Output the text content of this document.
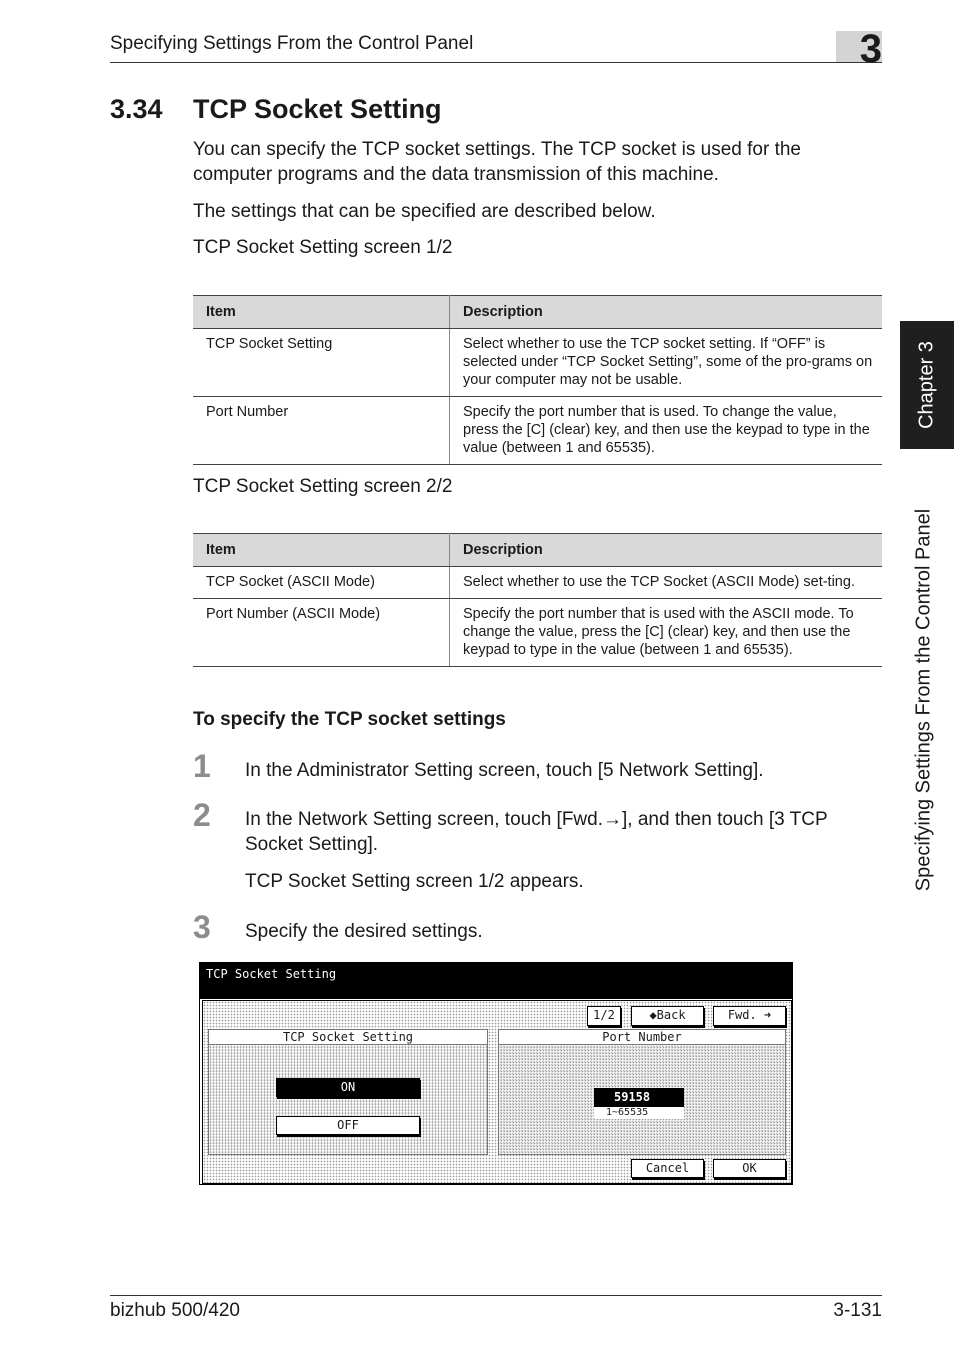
Specifying Settings From the Control Panel	3
Chapter 3
Specifying Settings From the Control Panel
3.34 TCP Socket Setting
You can specify the TCP socket settings. The TCP socket is used for the computer programs and the data transmission of this machine.
The settings that can be specified are described below.
TCP Socket Setting screen 1/2
Item	Description
TCP Socket Setting	Select whether to use the TCP socket setting. If “OFF” is selected under “TCP Socket Setting”, some of the pro-grams on your computer may not be usable.
Port Number	Specify the port number that is used. To change the value, press the [C] (clear) key, and then use the keypad to type in the value (between 1 and 65535).
TCP Socket Setting screen 2/2
Item	Description
TCP Socket (ASCII Mode)	Select whether to use the TCP Socket (ASCII Mode) set-ting.
Port Number (ASCII Mode)	Specify the port number that is used with the ASCII mode. To change the value, press the [C] (clear) key, and then use the keypad to type in the value (between 1 and 65535).
To specify the TCP socket settings
1 In the Administrator Setting screen, touch [5 Network Setting].
2 In the Network Setting screen, touch [Fwd.→], and then touch [3 TCP Socket Setting].
TCP Socket Setting screen 1/2 appears.
3 Specify the desired settings.
TCP Socket Setting
1/2	◆Back	Fwd. ➜
TCP Socket Setting
ON
OFF
Port Number
59158
1~65535
Cancel	OK
bizhub 500/420	3-131
